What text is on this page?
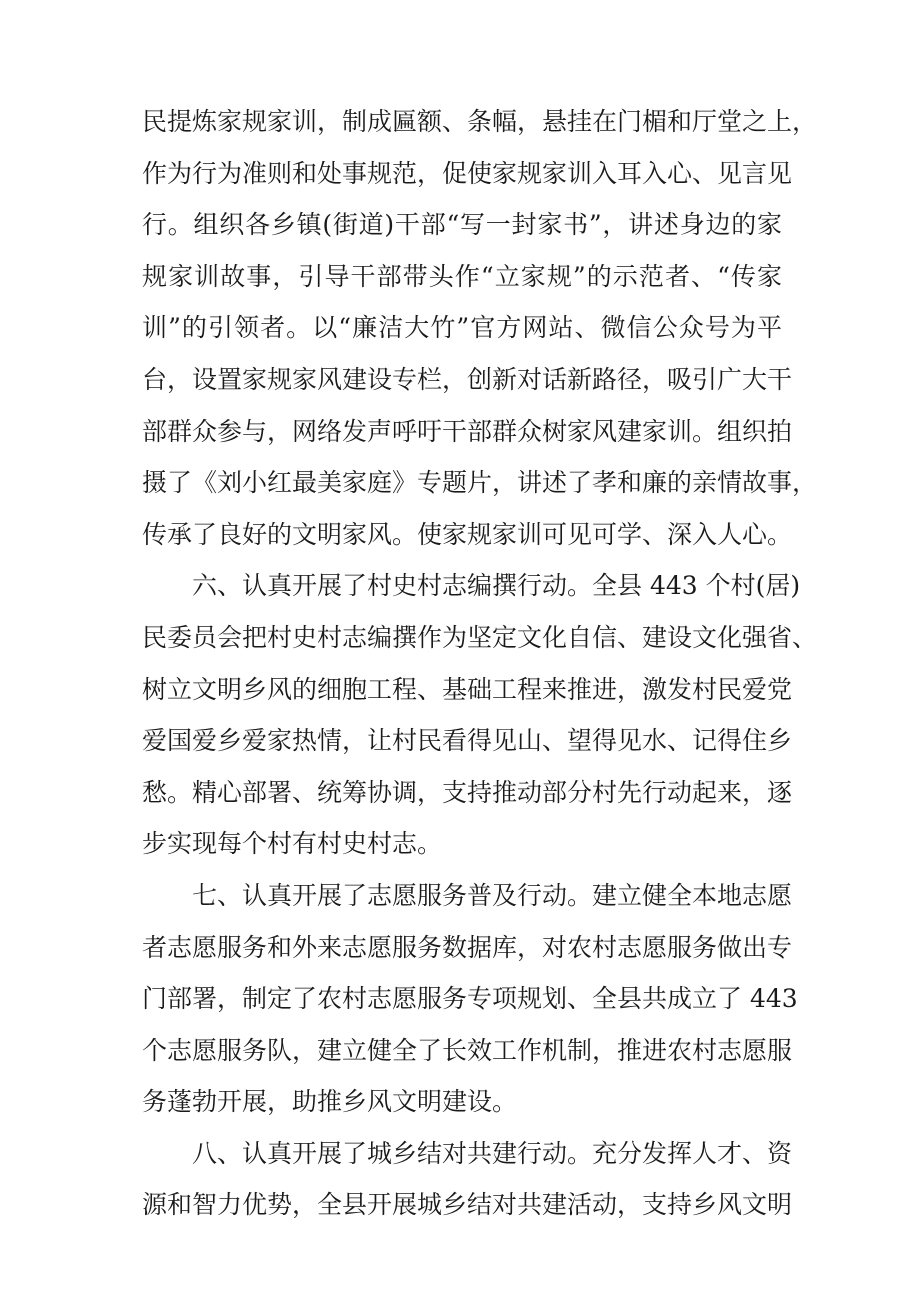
民提炼家规家训，制成匾额、条幅，悬挂在门楣和厅堂之上，
作为行为准则和处事规范，促使家规家训入耳入心、见言见
行。组织各乡镇(街道)干部“写一封家书”，讲述身边的家
规家训故事，引导干部带头作“立家规”的示范者、“传家
训”的引领者。以“廉洁大竹”官方网站、微信公众号为平
台，设置家规家风建设专栏，创新对话新路径，吸引广大干
部群众参与，网络发声呼吁干部群众树家风建家训。组织拍
摄了《刘小红最美家庭》专题片，讲述了孝和廉的亲情故事，
传承了良好的文明家风。使家规家训可见可学、深入人心。
六、认真开展了村史村志编撰行动。全县 443 个村(居)
民委员会把村史村志编撰作为坚定文化自信、建设文化强省、
树立文明乡风的细胞工程、基础工程来推进，激发村民爱党
爱国爱乡爱家热情，让村民看得见山、望得见水、记得住乡
愁。精心部署、统筹协调，支持推动部分村先行动起来，逐
步实现每个村有村史村志。
七、认真开展了志愿服务普及行动。建立健全本地志愿
者志愿服务和外来志愿服务数据库，对农村志愿服务做出专
门部署，制定了农村志愿服务专项规划、全县共成立了 443
个志愿服务队，建立健全了长效工作机制，推进农村志愿服
务蓬勃开展，助推乡风文明建设。
八、认真开展了城乡结对共建行动。充分发挥人才、资
源和智力优势，全县开展城乡结对共建活动，支持乡风文明
